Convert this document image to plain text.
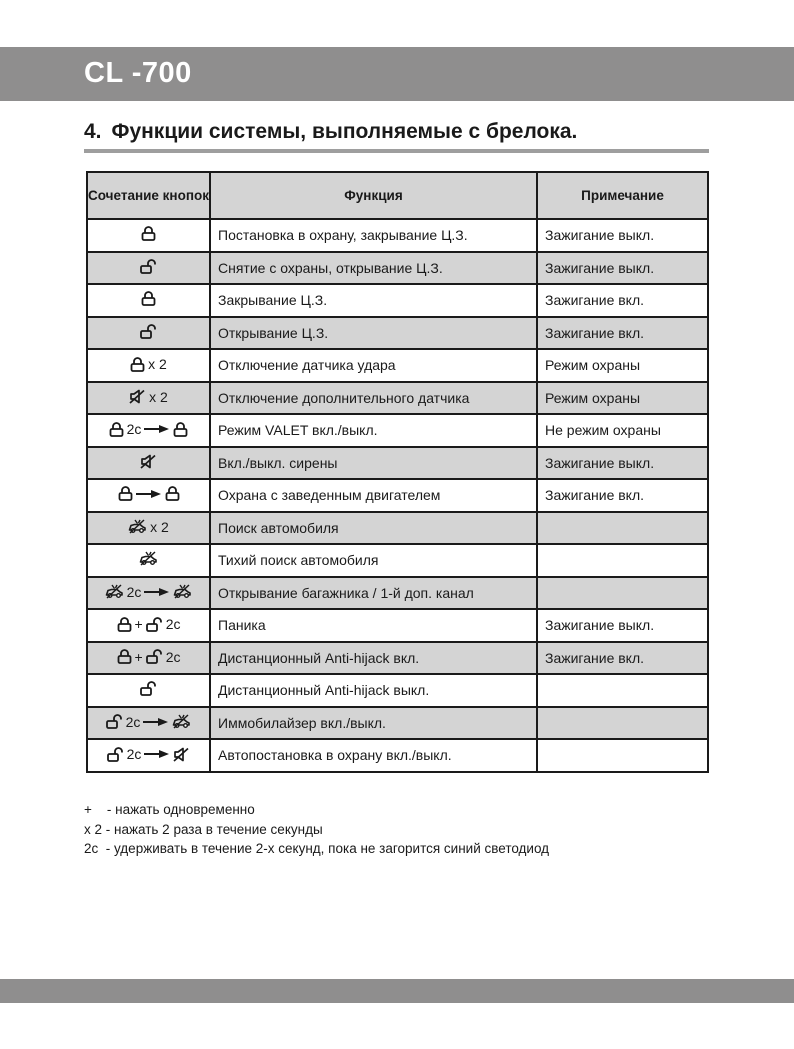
CL -700
4. Функции системы, выполняемые с брелока.
Сочетание кнопок	Функция	Примечание

	Постановка в охрану, закрывание Ц.З.	Зажигание выкл.

	Снятие с охраны, открывание Ц.З.	Зажигание выкл.

	Закрывание Ц.З.	Зажигание вкл.

	Открывание Ц.З.	Зажигание вкл.

x 2	Отключение датчика удара	Режим охраны

x 2	Отключение дополнительного датчика	Режим охраны

2с	Режим VALET вкл./выкл.	Не режим охраны

	Вкл./выкл. сирены	Зажигание выкл.

	Охрана с заведенным двигателем	Зажигание вкл.

x 2	Поиск автомобиля	

	Тихий поиск автомобиля	

2с	Открывание багажника / 1-й доп. канал	

+ 2с	Паника	Зажигание выкл.

+ 2с	Дистанционный Anti-hijack вкл.	Зажигание вкл.

	Дистанционный Anti-hijack выкл.	

2с	Иммобилайзер вкл./выкл.	

2с	Автопостановка в охрану вкл./выкл.	
+    - нажать одновременно
x 2 - нажать 2 раза в течение секунды
2с  - удерживать в течение 2-х секунд, пока не загорится синий светодиод
